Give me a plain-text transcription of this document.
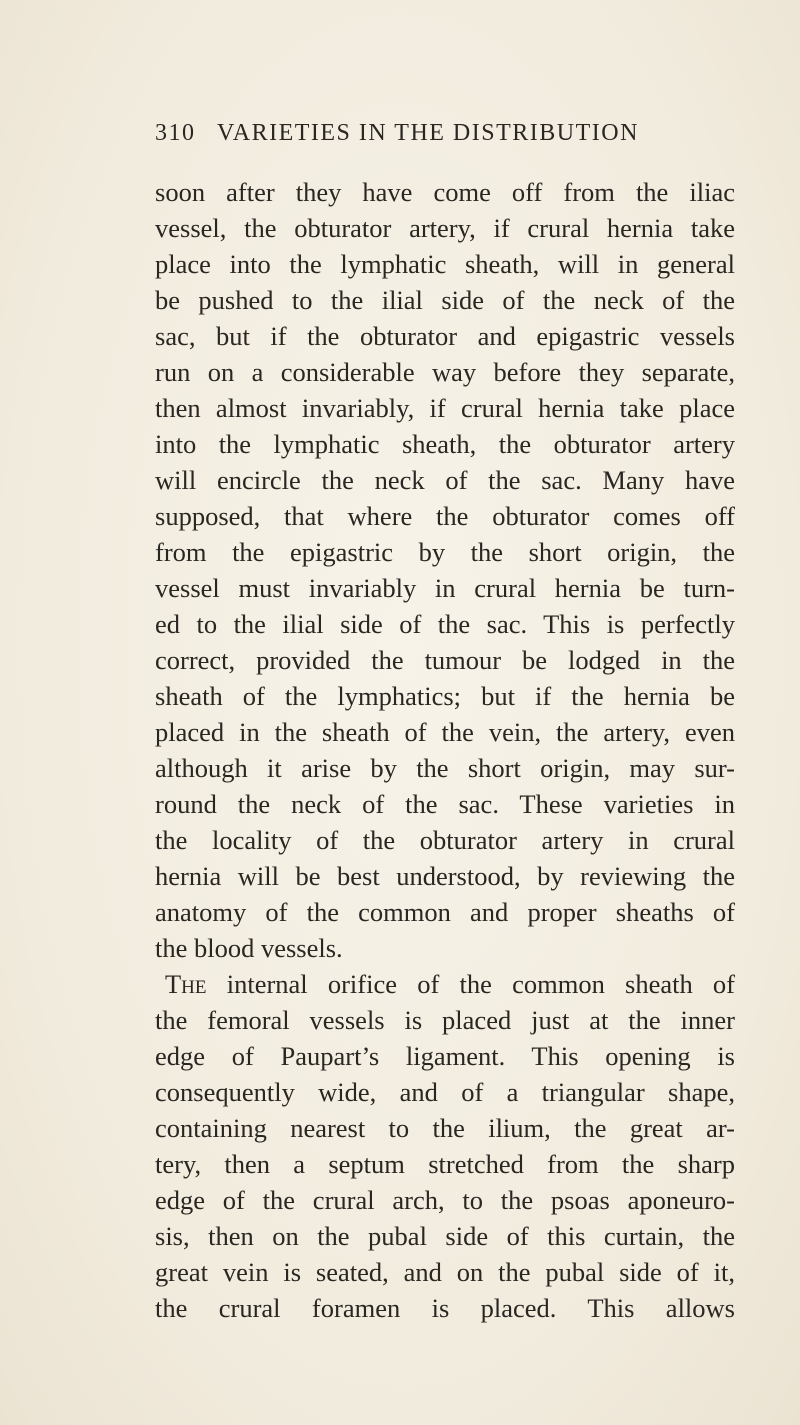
310 VARIETIES IN THE DISTRIBUTION
soon after they have come off from the iliac
vessel, the obturator artery, if crural hernia take
place into the lymphatic sheath, will in general
be pushed to the ilial side of the neck of the
sac, but if the obturator and epigastric vessels
run on a considerable way before they separate,
then almost invariably, if crural hernia take place
into the lymphatic sheath, the obturator artery
will encircle the neck of the sac. Many have
supposed, that where the obturator comes off
from the epigastric by the short origin, the
vessel must invariably in crural hernia be turn-
ed to the ilial side of the sac. This is perfectly
correct, provided the tumour be lodged in the
sheath of the lymphatics; but if the hernia be
placed in the sheath of the vein, the artery, even
although it arise by the short origin, may sur-
round the neck of the sac. These varieties in
the locality of the obturator artery in crural
hernia will be best understood, by reviewing the
anatomy of the common and proper sheaths of
the blood vessels.
The internal orifice of the common sheath of
the femoral vessels is placed just at the inner
edge of Paupart’s ligament. This opening is
consequently wide, and of a triangular shape,
containing nearest to the ilium, the great ar-
tery, then a septum stretched from the sharp
edge of the crural arch, to the psoas aponeuro-
sis, then on the pubal side of this curtain, the
great vein is seated, and on the pubal side of it,
the crural foramen is placed. This allows
